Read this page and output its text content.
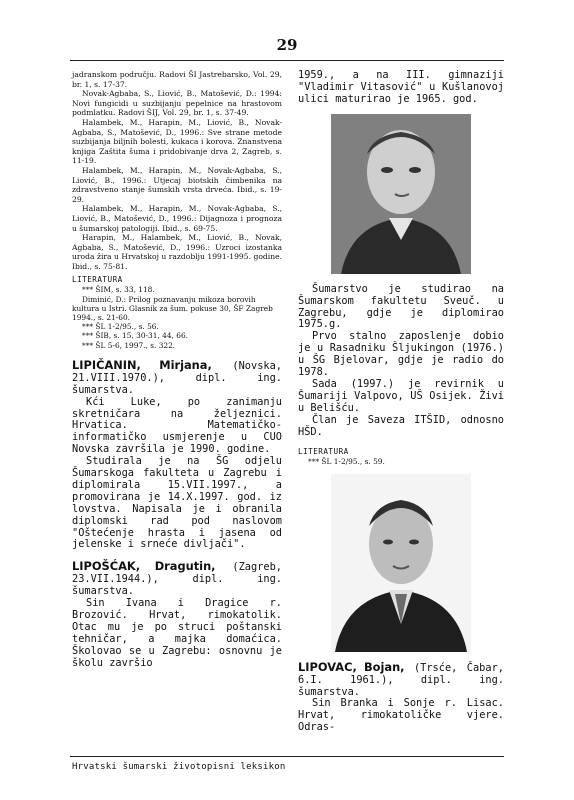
29
jadranskom području. Radovi ŠI Jastrebarsko, Vol. 29, br. 1, s. 17-37.
Novak-Agbaba, S., Liović, B., Matošević, D.: 1994: Novi fungicidi u suzbijanju pepelnice na hrastovom podmlatku. Radovi ŠIJ, Vol. 29, br. 1, s. 37-49.
Halambek, M., Harapin, M., Liović, B., Novak-Agbaba, S., Matošević, D., 1996.: Sve strane metode suzbijanja biljnih bolesti, kukaca i korova. Znanstvena knjiga Zaštita šuma i pridobivanje drva 2, Zagreb, s. 11-19.
Halambek, M., Harapin, M., Novak-Agbaba, S., Liović, B., 1996.: Utjecaj biotskih čimbenika na zdravstveno stanje šumskih vrsta drveća. Ibid., s. 19-29.
Halambek, M., Harapin, M., Novak-Agbaba, S., Liović, B., Matošević, D., 1996.: Dijagnoza i prognoza u šumarskoj patologiji. Ibid., s. 69-75.
Harapin, M., Halambek, M., Liović, B., Novak, Agbaba, S., Matošević, D., 1996.: Uzroci izostanka uroda žira u Hrvatskoj u razdoblju 1991-1995. godine. Ibid., s. 75-81.
LITERATURA
*** ŠIM, s. 33, 118.
Diminić, D.: Prilog poznavanju mikoza borovih kultura u Istri. Glasnik za šum. pokuse 30, ŠF Zagreb 1994., s. 21-60.
*** ŠL 1-2/95., s. 56.
*** ŠIB, s. 15, 30-31, 44, 66.
*** ŠL 5-6, 1997., s. 322.

LIPIČANIN, Mirjana, (Novska, 21.VIII.1970.), dipl. ing. šumarstva.

Kći Luke, po zanimanju skretničara na željeznici. Hrvatica. Matematičko-informatičko usmjerenje u CUO Novska završila je 1990. godine.

Studirala je na ŠG odjelu Šumarskoga fakulteta u Zagrebu i diplomirala 15.VII.1997., a promovirana je 14.X.1997. god. iz lovstva. Napisala je i obranila diplomski rad pod naslovom "Oštećenje hrasta i jasena od jelenske i srneće divljači".

LIPOŠĆAK, Dragutin, (Zagreb, 23.VII.1944.), dipl. ing. šumarstva.

Sin Ivana i Dragice r. Brozović. Hrvat, rimokatolik. Otac mu je po struci poštanski tehničar, a majka domaćica. Školovao se u Zagrebu: osnovnu je školu završio

1959., a na III. gimnaziji "Vladimir Vitasović" u Kušlanovoj ulici maturirao je 1965. god.

Šumarstvo je studirao na Šumarskom fakultetu Sveuč. u Zagrebu, gdje je diplomirao 1975.g.

Prvo stalno zaposlenje dobio je u Rasadniku Šljukingon (1976.) u ŠG Bjelovar, gdje je radio do 1978.

Sada (1997.) je revirnik u Šumariji Valpovo, UŠ Osijek. Živi u Belišću.

Član je Saveza ITŠID, odnosno HŠD.

LITERATURA
*** ŠL 1-2/95., s. 59.

LIPOVAC, Bojan, (Trsće, Čabar, 6.I. 1961.), dipl. ing. šumarstva.

Sin Branka i Sonje r. Lisac. Hrvat, rimokatoličke vjere. Odras-

Hrvatski šumarski životopisni leksikon
